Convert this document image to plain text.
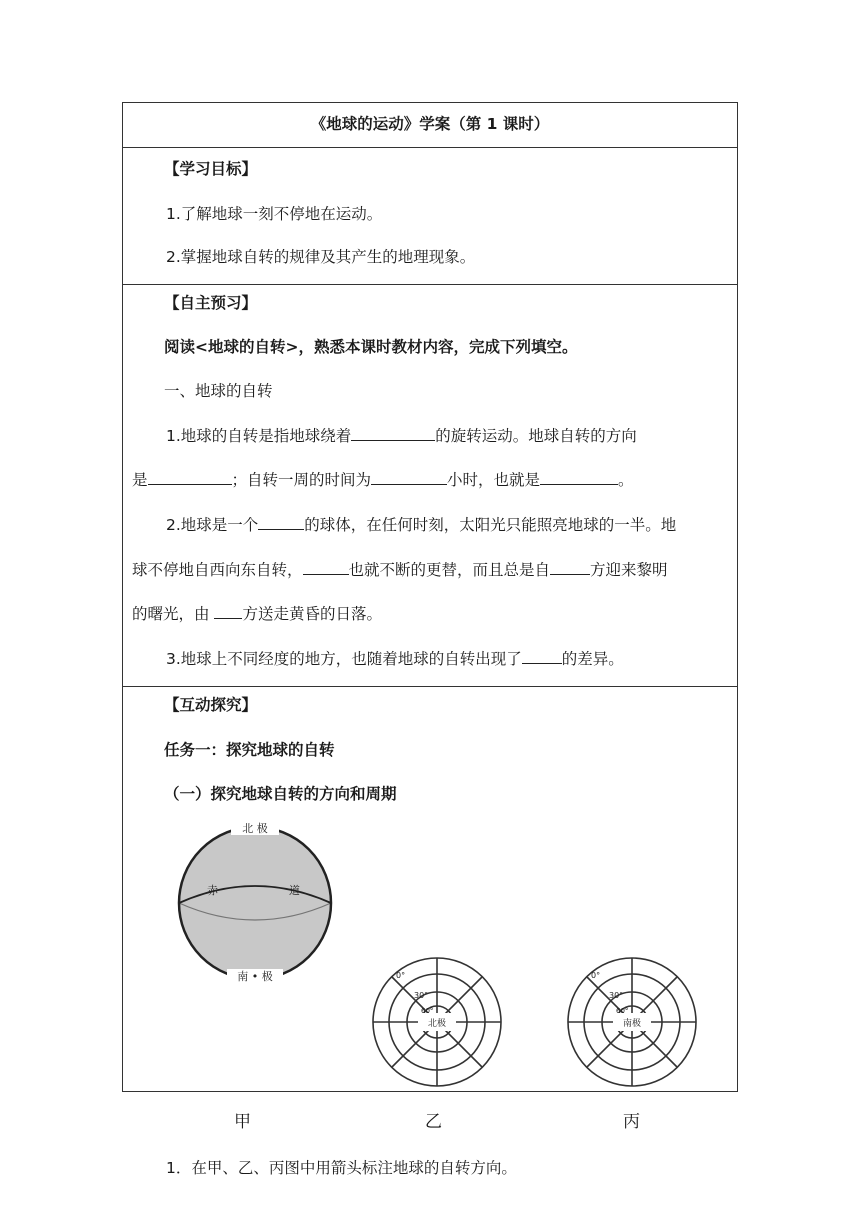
《地球的运动》学案（第 1 课时）
【学习目标】
1.了解地球一刻不停地在运动。
2.掌握地球自转的规律及其产生的地理现象。
【自主预习】
阅读<地球的自转>，熟悉本课时教材内容，完成下列填空。
一、地球的自转
1.地球的自转是指地球绕着	的旋转运动。地球自转的方向
是	；自转一周的时间为	小时，也就是	。
2.地球是一个	的球体，在任何时刻，太阳光只能照亮地球的一半。地
球不停地自西向东自转，	也就不断的更替，而且总是自	方迎来黎明
的曙光，由 方送走黄昏的日落。
3.地球上不同经度的地方，也随着地球的自转出现了	的差异。
【互动探究】
任务一：探究地球的自转
（一）探究地球自转的方向和周期
北 极
赤	道
南 • 极	0°
30°
60°
北极
0°
30°
60°
南极
甲	乙	丙
1．在甲、乙、丙图中用箭头标注地球的自转方向。
